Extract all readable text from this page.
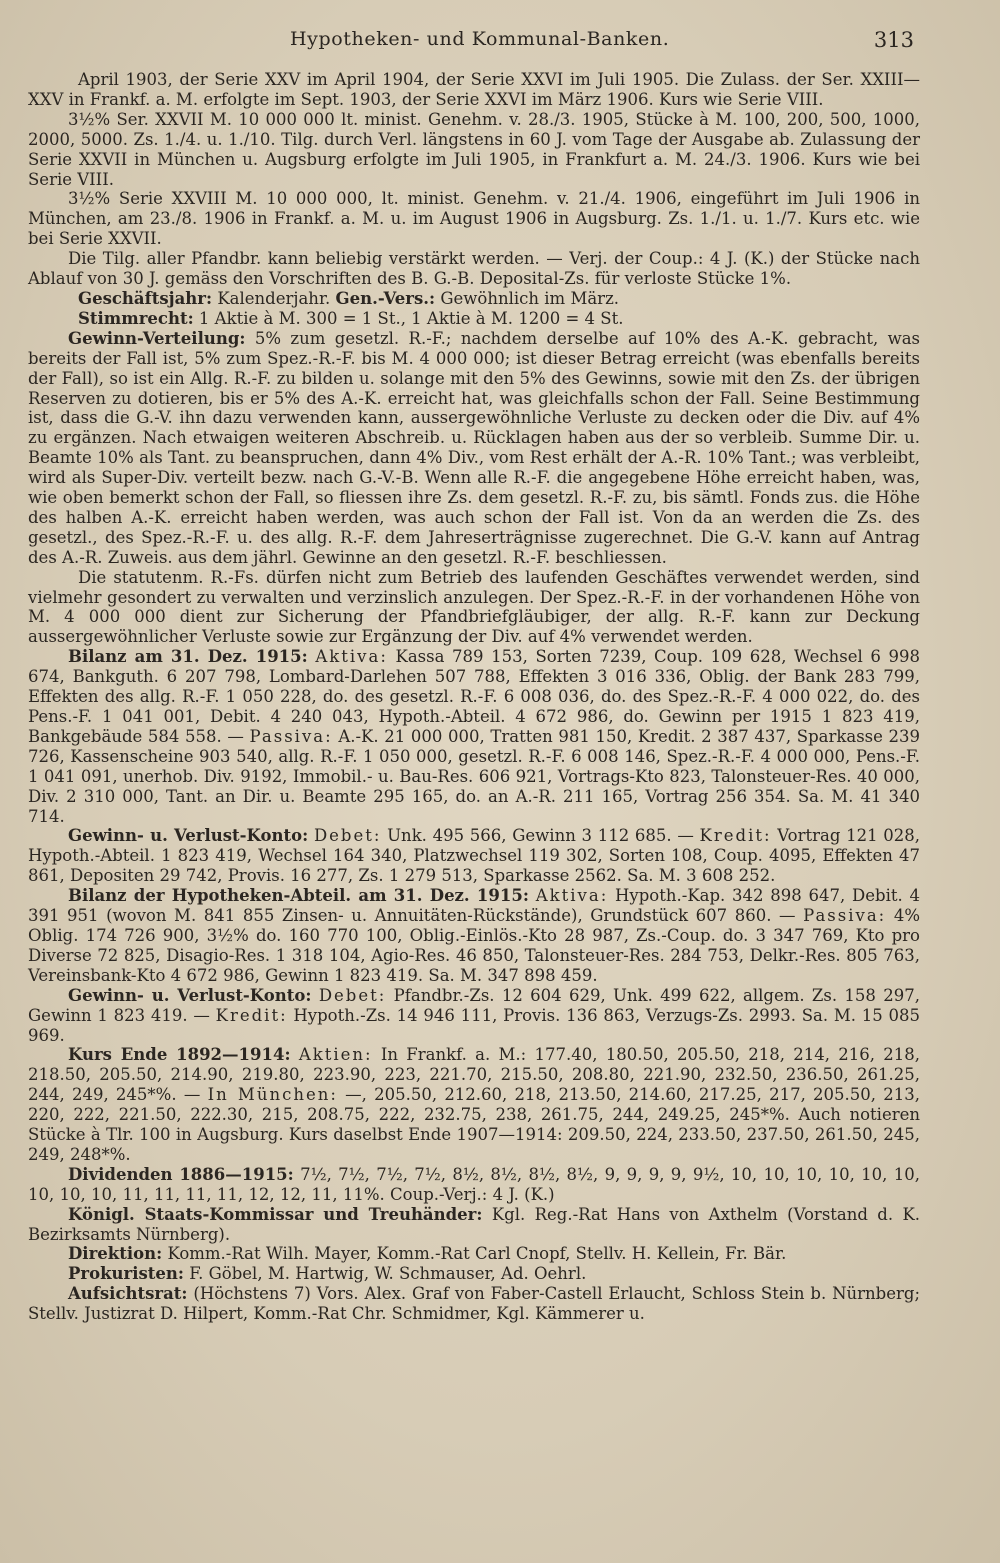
Hypotheken- und Kommunal-Banken.	313

April 1903, der Serie XXV im April 1904, der Serie XXVI im Juli 1905. Die Zulass. der Ser. XXIII—XXV in Frankf. a. M. erfolgte im Sept. 1903, der Serie XXVI im März 1906. Kurs wie Serie VIII.

3½% Ser. XXVII M. 10 000 000 lt. minist. Genehm. v. 28./3. 1905, Stücke à M. 100, 200, 500, 1000, 2000, 5000. Zs. 1./4. u. 1./10. Tilg. durch Verl. längstens in 60 J. vom Tage der Ausgabe ab. Zulassung der Serie XXVII in München u. Augsburg erfolgte im Juli 1905, in Frankfurt a. M. 24./3. 1906. Kurs wie bei Serie VIII.

3½% Serie XXVIII M. 10 000 000, lt. minist. Genehm. v. 21./4. 1906, eingeführt im Juli 1906 in München, am 23./8. 1906 in Frankf. a. M. u. im August 1906 in Augsburg. Zs. 1./1. u. 1./7. Kurs etc. wie bei Serie XXVII.

Die Tilg. aller Pfandbr. kann beliebig verstärkt werden. — Verj. der Coup.: 4 J. (K.) der Stücke nach Ablauf von 30 J. gemäss den Vorschriften des B. G.-B. Deposital-Zs. für verloste Stücke 1%.

Geschäftsjahr: Kalenderjahr. Gen.-Vers.: Gewöhnlich im März.

Stimmrecht: 1 Aktie à M. 300 = 1 St., 1 Aktie à M. 1200 = 4 St.

Gewinn-Verteilung: 5% zum gesetzl. R.-F.; nachdem derselbe auf 10% des A.-K. gebracht, was bereits der Fall ist, 5% zum Spez.-R.-F. bis M. 4 000 000; ist dieser Betrag erreicht (was ebenfalls bereits der Fall), so ist ein Allg. R.-F. zu bilden u. solange mit den 5% des Gewinns, sowie mit den Zs. der übrigen Reserven zu dotieren, bis er 5% des A.-K. erreicht hat, was gleichfalls schon der Fall. Seine Bestimmung ist, dass die G.-V. ihn dazu verwenden kann, aussergewöhnliche Verluste zu decken oder die Div. auf 4% zu ergänzen. Nach etwaigen weiteren Abschreib. u. Rücklagen haben aus der so verbleib. Summe Dir. u. Beamte 10% als Tant. zu beanspruchen, dann 4% Div., vom Rest erhält der A.-R. 10% Tant.; was verbleibt, wird als Super-Div. verteilt bezw. nach G.-V.-B. Wenn alle R.-F. die angegebene Höhe erreicht haben, was, wie oben bemerkt schon der Fall, so fliessen ihre Zs. dem gesetzl. R.-F. zu, bis sämtl. Fonds zus. die Höhe des halben A.-K. erreicht haben werden, was auch schon der Fall ist. Von da an werden die Zs. des gesetzl., des Spez.-R.-F. u. des allg. R.-F. dem Jahreserträgnisse zugerechnet. Die G.-V. kann auf Antrag des A.-R. Zuweis. aus dem jährl. Gewinne an den gesetzl. R.-F. beschliessen.

Die statutenm. R.-Fs. dürfen nicht zum Betrieb des laufenden Geschäftes verwendet werden, sind vielmehr gesondert zu verwalten und verzinslich anzulegen. Der Spez.-R.-F. in der vorhandenen Höhe von M. 4 000 000 dient zur Sicherung der Pfandbriefgläubiger, der allg. R.-F. kann zur Deckung aussergewöhnlicher Verluste sowie zur Ergänzung der Div. auf 4% verwendet werden.

Bilanz am 31. Dez. 1915: Aktiva: Kassa 789 153, Sorten 7239, Coup. 109 628, Wechsel 6 998 674, Bankguth. 6 207 798, Lombard-Darlehen 507 788, Effekten 3 016 336, Oblig. der Bank 283 799, Effekten des allg. R.-F. 1 050 228, do. des gesetzl. R.-F. 6 008 036, do. des Spez.-R.-F. 4 000 022, do. des Pens.-F. 1 041 001, Debit. 4 240 043, Hypoth.-Abteil. 4 672 986, do. Gewinn per 1915 1 823 419, Bankgebäude 584 558. — Passiva: A.-K. 21 000 000, Tratten 981 150, Kredit. 2 387 437, Sparkasse 239 726, Kassenscheine 903 540, allg. R.-F. 1 050 000, gesetzl. R.-F. 6 008 146, Spez.-R.-F. 4 000 000, Pens.-F. 1 041 091, unerhob. Div. 9192, Immobil.- u. Bau-Res. 606 921, Vortrags-Kto 823, Talonsteuer-Res. 40 000, Div. 2 310 000, Tant. an Dir. u. Beamte 295 165, do. an A.-R. 211 165, Vortrag 256 354. Sa. M. 41 340 714.

Gewinn- u. Verlust-Konto: Debet: Unk. 495 566, Gewinn 3 112 685. — Kredit: Vortrag 121 028, Hypoth.-Abteil. 1 823 419, Wechsel 164 340, Platzwechsel 119 302, Sorten 108, Coup. 4095, Effekten 47 861, Depositen 29 742, Provis. 16 277, Zs. 1 279 513, Sparkasse 2562. Sa. M. 3 608 252.

Bilanz der Hypotheken-Abteil. am 31. Dez. 1915: Aktiva: Hypoth.-Kap. 342 898 647, Debit. 4 391 951 (wovon M. 841 855 Zinsen- u. Annuitäten-Rückstände), Grundstück 607 860. — Passiva: 4% Oblig. 174 726 900, 3½% do. 160 770 100, Oblig.-Einlös.-Kto 28 987, Zs.-Coup. do. 3 347 769, Kto pro Diverse 72 825, Disagio-Res. 1 318 104, Agio-Res. 46 850, Talonsteuer-Res. 284 753, Delkr.-Res. 805 763, Vereinsbank-Kto 4 672 986, Gewinn 1 823 419. Sa. M. 347 898 459.

Gewinn- u. Verlust-Konto: Debet: Pfandbr.-Zs. 12 604 629, Unk. 499 622, allgem. Zs. 158 297, Gewinn 1 823 419. — Kredit: Hypoth.-Zs. 14 946 111, Provis. 136 863, Verzugs-Zs. 2993. Sa. M. 15 085 969.

Kurs Ende 1892—1914: Aktien: In Frankf. a. M.: 177.40, 180.50, 205.50, 218, 214, 216, 218, 218.50, 205.50, 214.90, 219.80, 223.90, 223, 221.70, 215.50, 208.80, 221.90, 232.50, 236.50, 261.25, 244, 249, 245*%. — In München: —, 205.50, 212.60, 218, 213.50, 214.60, 217.25, 217, 205.50, 213, 220, 222, 221.50, 222.30, 215, 208.75, 222, 232.75, 238, 261.75, 244, 249.25, 245*%. Auch notieren Stücke à Tlr. 100 in Augsburg. Kurs daselbst Ende 1907—1914: 209.50, 224, 233.50, 237.50, 261.50, 245, 249, 248*%.

Dividenden 1886—1915: 7½, 7½, 7½, 7½, 8½, 8½, 8½, 8½, 9, 9, 9, 9, 9½, 10, 10, 10, 10, 10, 10, 10, 10, 10, 11, 11, 11, 11, 12, 12, 11, 11%. Coup.-Verj.: 4 J. (K.)

Königl. Staats-Kommissar und Treuhänder: Kgl. Reg.-Rat Hans von Axthelm (Vorstand d. K. Bezirksamts Nürnberg).

Direktion: Komm.-Rat Wilh. Mayer, Komm.-Rat Carl Cnopf, Stellv. H. Kellein, Fr. Bär.

Prokuristen: F. Göbel, M. Hartwig, W. Schmauser, Ad. Oehrl.

Aufsichtsrat: (Höchstens 7) Vors. Alex. Graf von Faber-Castell Erlaucht, Schloss Stein b. Nürnberg; Stellv. Justizrat D. Hilpert, Komm.-Rat Chr. Schmidmer, Kgl. Kämmerer u.
